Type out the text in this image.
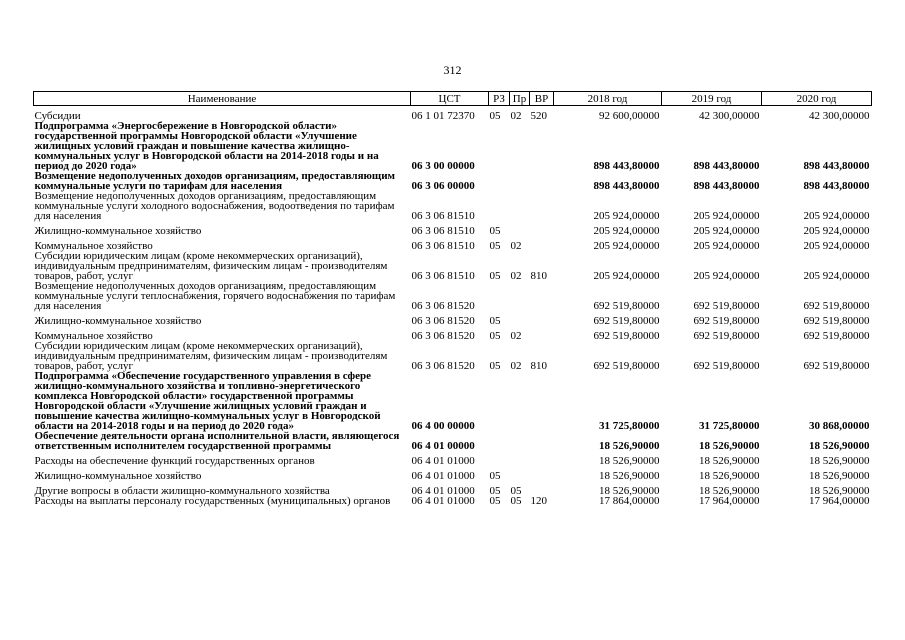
312
Наименование	ЦСТ	РЗ	Пр	ВР	2018 год	2019 год	2020 год
Субсидии	06 1 01 72370	05	02	520	92 600,00000	42 300,00000	42 300,00000
Подпрограмма «Энергосбережение в Новгородской области» государственной программы Новгородской области «Улучшение жилищных условий граждан и повышение качества жилищно-коммунальных услуг в Новгородской области на 2014-2018 годы и на период до 2020 года»	06 3 00 00000				898 443,80000	898 443,80000	898 443,80000
Возмещение недополученных доходов организациям, предоставляющим коммунальные услуги по тарифам для населения	06 3 06 00000				898 443,80000	898 443,80000	898 443,80000
Возмещение недополученных доходов организациям, предоставляющим коммунальные услуги холодного водоснабжения, водоотведения по тарифам для населения	06 3 06 81510				205 924,00000	205 924,00000	205 924,00000
Жилищно-коммунальное хозяйство	06 3 06 81510	05			205 924,00000	205 924,00000	205 924,00000
Коммунальное хозяйство	06 3 06 81510	05	02		205 924,00000	205 924,00000	205 924,00000
Субсидии юридическим лицам (кроме некоммерческих организаций), индивидуальным предпринимателям, физическим лицам - производителям товаров, работ, услуг	06 3 06 81510	05	02	810	205 924,00000	205 924,00000	205 924,00000
Возмещение недополученных доходов организациям, предоставляющим коммунальные услуги теплоснабжения, горячего водоснабжения по тарифам для населения	06 3 06 81520				692 519,80000	692 519,80000	692 519,80000
Жилищно-коммунальное хозяйство	06 3 06 81520	05			692 519,80000	692 519,80000	692 519,80000
Коммунальное хозяйство	06 3 06 81520	05	02		692 519,80000	692 519,80000	692 519,80000
Субсидии юридическим лицам (кроме некоммерческих организаций), индивидуальным предпринимателям, физическим лицам - производителям товаров, работ, услуг	06 3 06 81520	05	02	810	692 519,80000	692 519,80000	692 519,80000
Подпрограмма «Обеспечение государственного управления в сфере жилищно-коммунального хозяйства и топливно-энергетического комплекса Новгородской области» государственной программы Новгородской области «Улучшение жилищных условий граждан и повышение качества жилищно-коммунальных услуг в Новгородской области на 2014-2018 годы и на период до 2020 года»	06 4 00 00000				31 725,80000	31 725,80000	30 868,00000
Обеспечение деятельности органа исполнительной власти, являющегося ответственным исполнителем государственной программы	06 4 01 00000				18 526,90000	18 526,90000	18 526,90000
Расходы на обеспечение функций государственных органов	06 4 01 01000				18 526,90000	18 526,90000	18 526,90000
Жилищно-коммунальное хозяйство	06 4 01 01000	05			18 526,90000	18 526,90000	18 526,90000
Другие вопросы в области жилищно-коммунального хозяйства	06 4 01 01000	05	05		18 526,90000	18 526,90000	18 526,90000
Расходы на выплаты персоналу государственных (муниципальных) органов	06 4 01 01000	05	05	120	17 864,00000	17 964,00000	17 964,00000
